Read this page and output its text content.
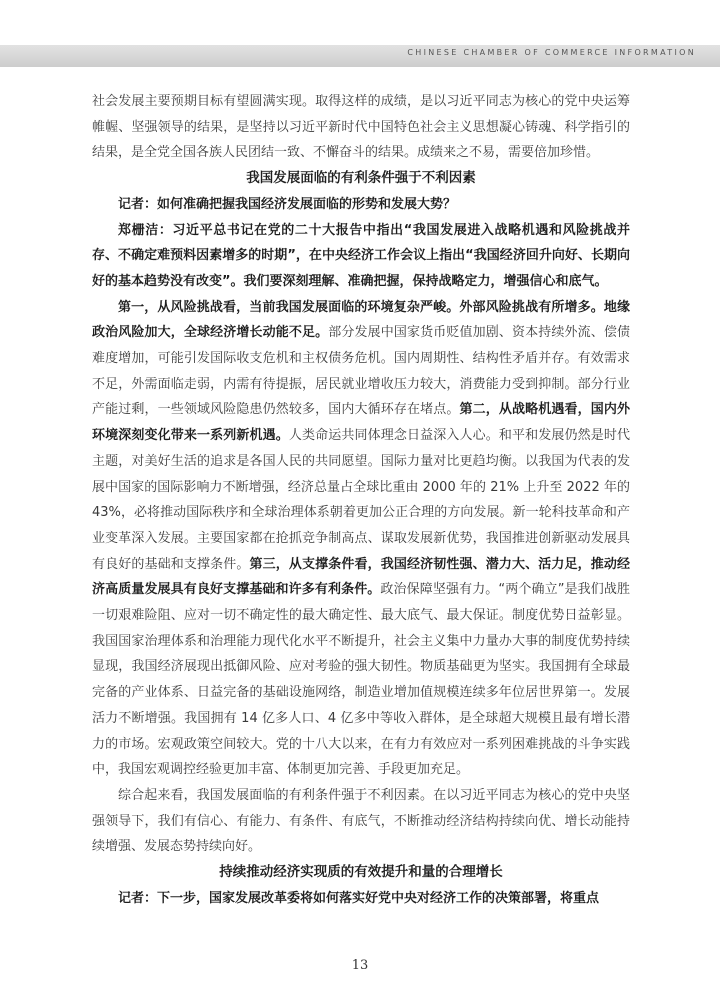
CHINESE CHAMBER OF COMMERCE INFORMATION

社会发展主要预期目标有望圆满实现。取得这样的成绩，是以习近平同志为核心的党中央运筹帷幄、坚强领导的结果，是坚持以习近平新时代中国特色社会主义思想凝心铸魂、科学指引的结果，是全党全国各族人民团结一致、不懈奋斗的结果。成绩来之不易，需要倍加珍惜。

我国发展面临的有利条件强于不利因素

记者：如何准确把握我国经济发展面临的形势和发展大势？

郑栅洁：习近平总书记在党的二十大报告中指出“我国发展进入战略机遇和风险挑战并存、不确定难预料因素增多的时期”，在中央经济工作会议上指出“我国经济回升向好、长期向好的基本趋势没有改变”。我们要深刻理解、准确把握，保持战略定力，增强信心和底气。

第一，从风险挑战看，当前我国发展面临的环境复杂严峻。外部风险挑战有所增多。地缘政治风险加大，全球经济增长动能不足。部分发展中国家货币贬值加剧、资本持续外流、偿债难度增加，可能引发国际收支危机和主权债务危机。国内周期性、结构性矛盾并存。有效需求不足，外需面临走弱，内需有待提振，居民就业增收压力较大，消费能力受到抑制。部分行业产能过剩，一些领域风险隐患仍然较多，国内大循环存在堵点。第二，从战略机遇看，国内外环境深刻变化带来一系列新机遇。人类命运共同体理念日益深入人心。和平和发展仍然是时代主题，对美好生活的追求是各国人民的共同愿望。国际力量对比更趋均衡。以我国为代表的发展中国家的国际影响力不断增强，经济总量占全球比重由 2000 年的 21% 上升至 2022 年的 43%，必将推动国际秩序和全球治理体系朝着更加公正合理的方向发展。新一轮科技革命和产业变革深入发展。主要国家都在抢抓竞争制高点、谋取发展新优势，我国推进创新驱动发展具有良好的基础和支撑条件。第三，从支撑条件看，我国经济韧性强、潜力大、活力足，推动经济高质量发展具有良好支撑基础和许多有利条件。政治保障坚强有力。“两个确立”是我们战胜一切艰难险阻、应对一切不确定性的最大确定性、最大底气、最大保证。制度优势日益彰显。我国国家治理体系和治理能力现代化水平不断提升，社会主义集中力量办大事的制度优势持续显现，我国经济展现出抵御风险、应对考验的强大韧性。物质基础更为坚实。我国拥有全球最完备的产业体系、日益完备的基础设施网络，制造业增加值规模连续多年位居世界第一。发展活力不断增强。我国拥有 14 亿多人口、4 亿多中等收入群体，是全球超大规模且最有增长潜力的市场。宏观政策空间较大。党的十八大以来，在有力有效应对一系列困难挑战的斗争实践中，我国宏观调控经验更加丰富、体制更加完善、手段更加充足。

综合起来看，我国发展面临的有利条件强于不利因素。在以习近平同志为核心的党中央坚强领导下，我们有信心、有能力、有条件、有底气，不断推动经济结构持续向优、增长动能持续增强、发展态势持续向好。

持续推动经济实现质的有效提升和量的合理增长

记者：下一步，国家发展改革委将如何落实好党中央对经济工作的决策部署，将重点

13
